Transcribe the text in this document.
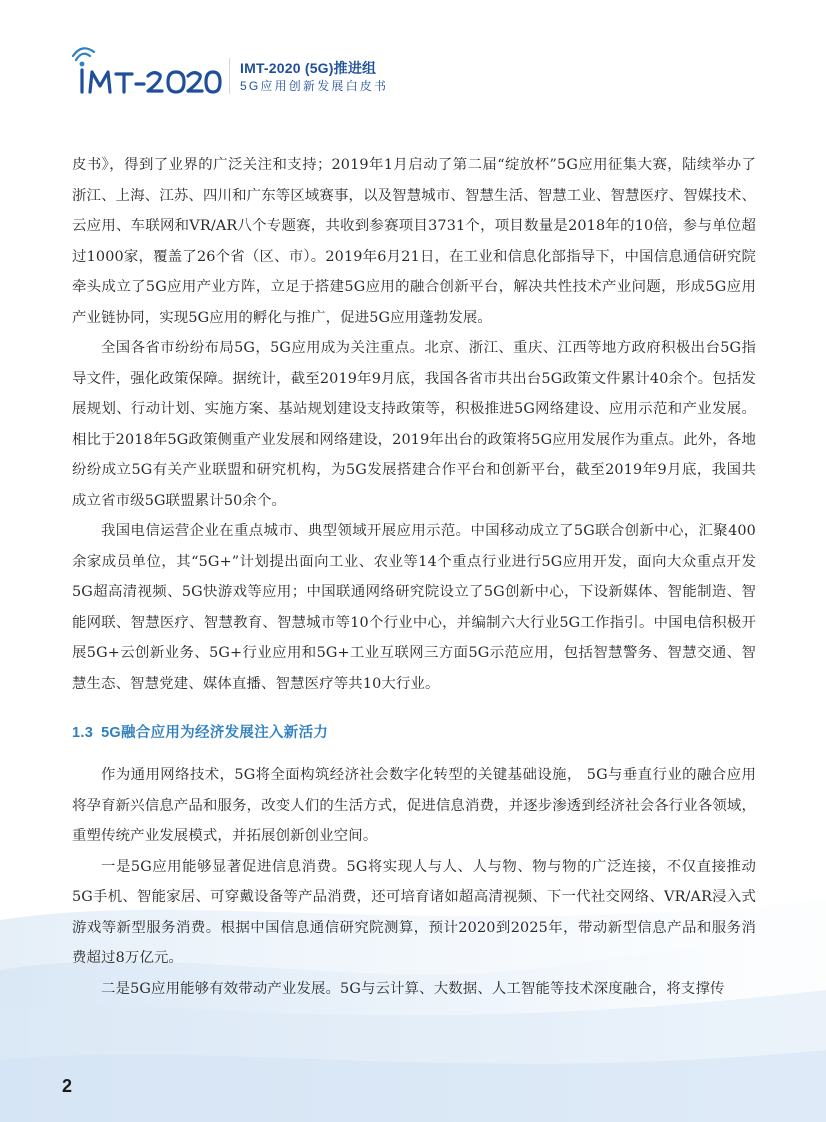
IMT-2020 (5G)推进组
5G应用创新发展白皮书

皮书》，得到了业界的广泛关注和支持；2019年1月启动了第二届“绽放杯”5G应用征集大赛，陆续举办了浙江、上海、江苏、四川和广东等区域赛事，以及智慧城市、智慧生活、智慧工业、智慧医疗、智媒技术、云应用、车联网和VR/AR八个专题赛，共收到参赛项目3731个，项目数量是2018年的10倍，参与单位超过1000家，覆盖了26个省（区、市）。2019年6月21日，在工业和信息化部指导下，中国信息通信研究院牵头成立了5G应用产业方阵，立足于搭建5G应用的融合创新平台，解决共性技术产业问题，形成5G应用产业链协同，实现5G应用的孵化与推广，促进5G应用蓬勃发展。

全国各省市纷纷布局5G，5G应用成为关注重点。北京、浙江、重庆、江西等地方政府积极出台5G指导文件，强化政策保障。据统计，截至2019年9月底，我国各省市共出台5G政策文件累计40余个。包括发展规划、行动计划、实施方案、基站规划建设支持政策等，积极推进5G网络建设、应用示范和产业发展。相比于2018年5G政策侧重产业发展和网络建设，2019年出台的政策将5G应用发展作为重点。此外，各地纷纷成立5G有关产业联盟和研究机构，为5G发展搭建合作平台和创新平台，截至2019年9月底，我国共成立省市级5G联盟累计50余个。

我国电信运营企业在重点城市、典型领域开展应用示范。中国移动成立了5G联合创新中心，汇聚400余家成员单位，其“5G+”计划提出面向工业、农业等14个重点行业进行5G应用开发，面向大众重点开发5G超高清视频、5G快游戏等应用；中国联通网络研究院设立了5G创新中心，下设新媒体、智能制造、智能网联、智慧医疗、智慧教育、智慧城市等10个行业中心，并编制六大行业5G工作指引。中国电信积极开展5G+云创新业务、5G+行业应用和5G+工业互联网三方面5G示范应用，包括智慧警务、智慧交通、智慧生态、智慧党建、媒体直播、智慧医疗等共10大行业。

1.3 5G融合应用为经济发展注入新活力

作为通用网络技术，5G将全面构筑经济社会数字化转型的关键基础设施， 5G与垂直行业的融合应用将孕育新兴信息产品和服务，改变人们的生活方式，促进信息消费，并逐步渗透到经济社会各行业各领域，重塑传统产业发展模式，并拓展创新创业空间。

一是5G应用能够显著促进信息消费。5G将实现人与人、人与物、物与物的广泛连接，不仅直接推动5G手机、智能家居、可穿戴设备等产品消费，还可培育诸如超高清视频、下一代社交网络、VR/AR浸入式游戏等新型服务消费。根据中国信息通信研究院测算，预计2020到2025年，带动新型信息产品和服务消费超过8万亿元。

二是5G应用能够有效带动产业发展。5G与云计算、大数据、人工智能等技术深度融合，将支撑传

2
